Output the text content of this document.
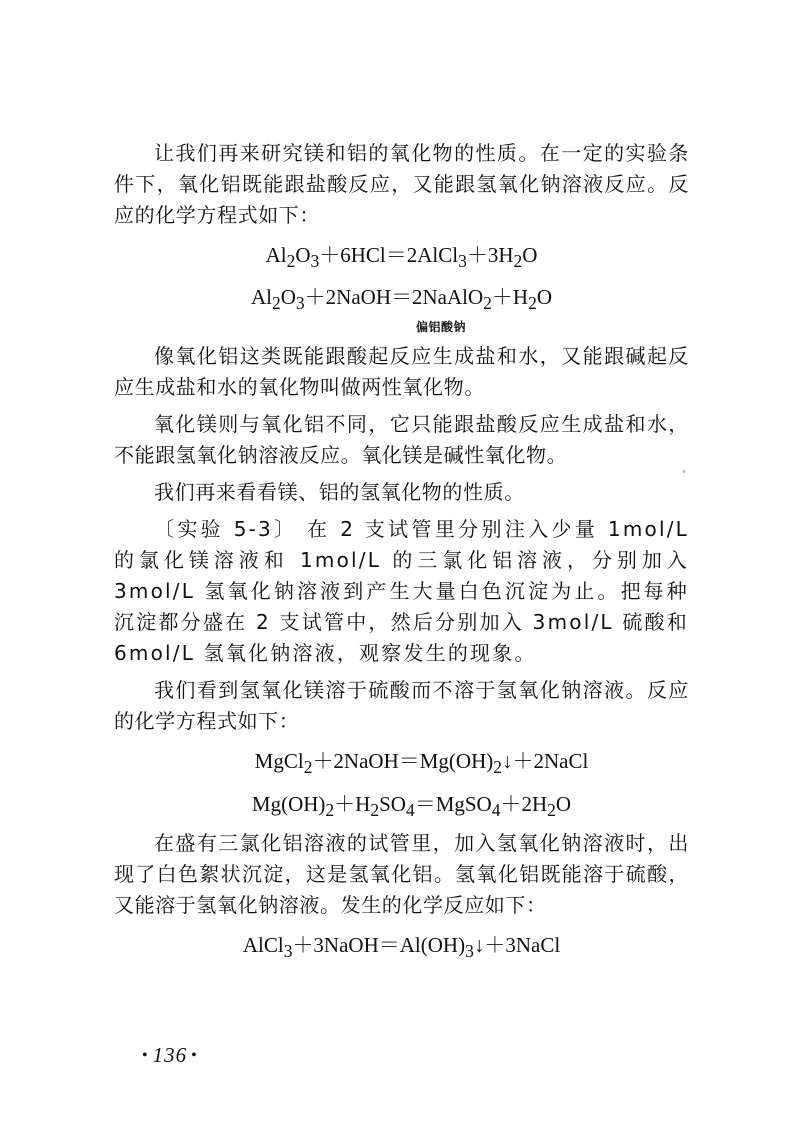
让我们再来研究镁和铝的氧化物的性质。在一定的实验条件下，氧化铝既能跟盐酸反应，又能跟氢氧化钠溶液反应。反应的化学方程式如下：

$Al_2O_3+6HCl=2AlCl_3+3H_2O$
$Al_2O_3+2NaOH=2NaAlO_2+H_2O$
偏铝酸钠

像氧化铝这类既能跟酸起反应生成盐和水，又能跟碱起反应生成盐和水的氧化物叫做两性氧化物。

氧化镁则与氧化铝不同，它只能跟盐酸反应生成盐和水，不能跟氢氧化钠溶液反应。氧化镁是碱性氧化物。

我们再来看看镁、铝的氢氧化物的性质。

〔实验 5-3〕 在 2 支试管里分别注入少量 1mol/L 的氯化镁溶液和 1mol/L 的三氯化铝溶液，分别加入 3mol/L 氢氧化钠溶液到产生大量白色沉淀为止。把每种沉淀都分盛在 2 支试管中，然后分别加入 3mol/L 硫酸和 6mol/L 氢氧化钠溶液，观察发生的现象。

我们看到氢氧化镁溶于硫酸而不溶于氢氧化钠溶液。反应的化学方程式如下：

$MgCl_2+2NaOH=Mg(OH)_2↓+2NaCl$
$Mg(OH)_2+H_2SO_4=MgSO_4+2H_2O$

在盛有三氯化铝溶液的试管里，加入氢氧化钠溶液时，出现了白色絮状沉淀，这是氢氧化铝。氢氧化铝既能溶于硫酸，又能溶于氢氧化钠溶液。发生的化学反应如下：

$AlCl_3+3NaOH=Al(OH)_3↓+3NaCl$
• 136 •
